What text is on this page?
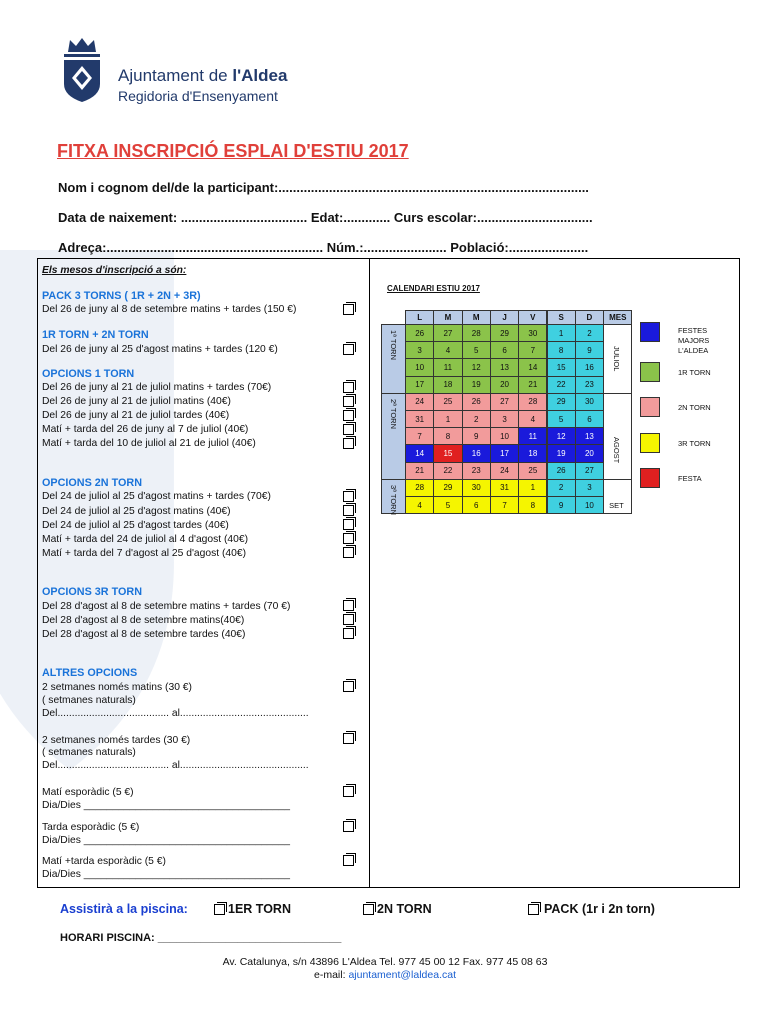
Ajuntament de l'Aldea
Regidoria d'Ensenyament
FITXA INSCRIPCIÓ ESPLAI D'ESTIU 2017
Nom i cognom del/de la participant:......................................................................................
Data de naixement: ................................... Edat:............. Curs escolar:................................
Adreça:............................................................ Núm.:....................... Població:......................
Els mesos d'inscripció a són:
PACK 3 TORNS ( 1R + 2N + 3R)
Del 26 de juny al 8 de setembre matins + tardes (150 €)
1R TORN + 2N TORN
Del 26 de juny al 25 d'agost matins + tardes (120 €)
OPCIONS 1 TORN
Del 26 de juny al 21 de juliol matins + tardes (70€)
Del 26 de juny al 21 de juliol matins (40€)
Del 26 de juny al 21 de juliol tardes (40€)
Matí + tarda del 26 de juny al 7 de juliol (40€)
Matí + tarda del 10 de juliol al 21 de juliol (40€)
OPCIONS 2N TORN
Del 24 de juliol al 25 d'agost matins + tardes (70€)
Del 24 de juliol al 25 d'agost matins (40€)
Del 24 de juliol al 25 d'agost tardes (40€)
Matí + tarda del 24 de juliol al 4 d'agost (40€)
Matí + tarda del 7 d'agost al 25 d'agost (40€)
OPCIONS 3R TORN
Del 28 d'agost al 8 de setembre matins + tardes (70 €)
Del 28 d'agost al 8 de setembre matins(40€)
Del 28 d'agost al 8 de setembre tardes (40€)
ALTRES OPCIONS
2 setmanes només matins (30 €)
( setmanes naturals)
Del....................................... al.............................................
2 setmanes només tardes (30 €)
( setmanes naturals)
Del....................................... al.............................................
Matí esporàdic (5 €)
Dia/Dies ____________________________________
Tarda esporàdic (5 €)
Dia/Dies ____________________________________
Matí +tarda esporàdic (5 €)
Dia/Dies ____________________________________
CALENDARI ESTIU 2017
L	M	M	J	V	S	D	MES
26	27	28	29	30	1	2
3	4	5	6	7	8	9
10	11	12	13	14	15	16
17	18	19	20	21	22	23
24	25	26	27	28	29	30
31	1	2	3	4	5	6
7	8	9	10	11	12	13
14	15	16	17	18	19	20
21	22	23	24	25	26	27
28	29	30	31	1	2	3
4	5	6	7	8	9	10
JULIOL
AGOST
SET
1ª TORN
2ª TORN
3ª TORN
FESTES MAJORS L'ALDEA
1R TORN
2N TORN
3R TORN
FESTA
Assistirà a la piscina:	1ER TORN	2N TORN	PACK (1r i 2n torn)
HORARI PISCINA: ______________________________
Av. Catalunya, s/n 43896 L'Aldea Tel. 977 45 00 12 Fax. 977 45 08 63
e-mail: ajuntament@laldea.cat
